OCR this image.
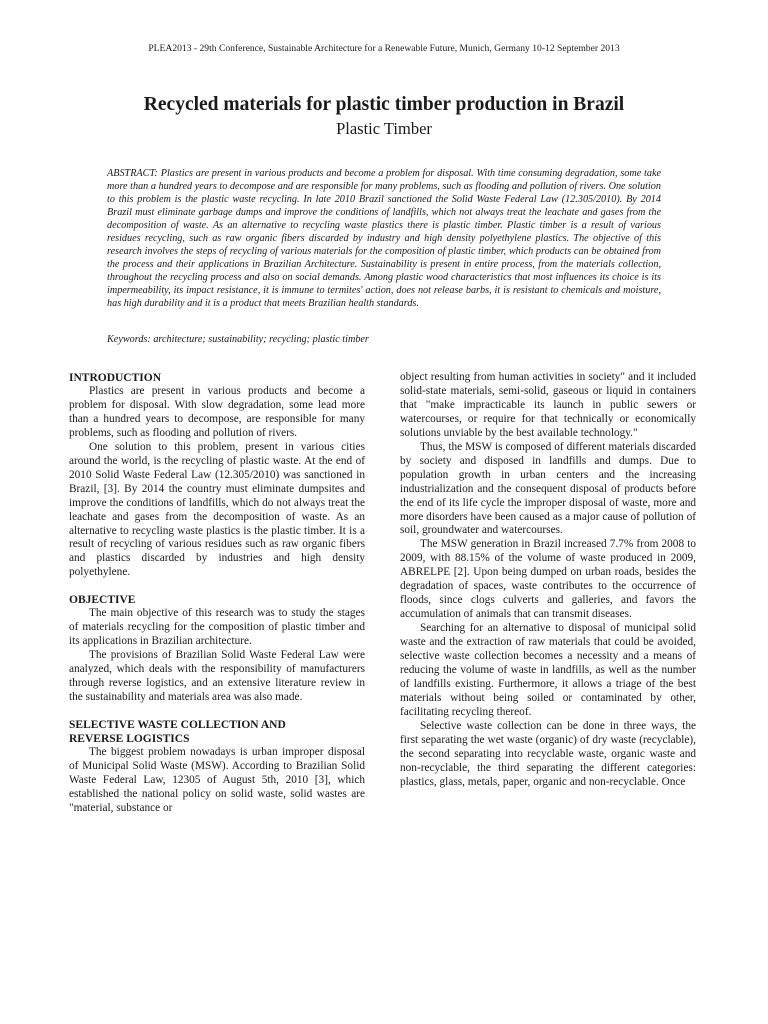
PLEA2013 - 29th Conference, Sustainable Architecture for a Renewable Future, Munich, Germany 10-12 September 2013
Recycled materials for plastic timber production in Brazil
Plastic Timber
ABSTRACT: Plastics are present in various products and become a problem for disposal. With time consuming degradation, some take more than a hundred years to decompose and are responsible for many problems, such as flooding and pollution of rivers. One solution to this problem is the plastic waste recycling. In late 2010 Brazil sanctioned the Solid Waste Federal Law (12.305/2010). By 2014 Brazil must eliminate garbage dumps and improve the conditions of landfills, which not always treat the leachate and gases from the decomposition of waste. As an alternative to recycling waste plastics there is plastic timber. Plastic timber is a result of various residues recycling, such as raw organic fibers discarded by industry and high density polyethylene plastics. The objective of this research involves the steps of recycling of various materials for the composition of plastic timber, which products can be obtained from the process and their applications in Brazilian Architecture. Sustainability is present in entire process, from the materials collection, throughout the recycling process and also on social demands. Among plastic wood characteristics that most influences its choice is its impermeability, its impact resistance, it is immune to termites' action, does not release barbs, it is resistant to chemicals and moisture, has high durability and it is a product that meets Brazilian health standards.
Keywords: architecture; sustainability; recycling; plastic timber
INTRODUCTION

Plastics are present in various products and become a problem for disposal. With slow degradation, some lead more than a hundred years to decompose, are responsible for many problems, such as flooding and pollution of rivers.

One solution to this problem, present in various cities around the world, is the recycling of plastic waste. At the end of 2010 Solid Waste Federal Law (12.305/2010) was sanctioned in Brazil, [3]. By 2014 the country must eliminate dumpsites and improve the conditions of landfills, which do not always treat the leachate and gases from the decomposition of waste. As an alternative to recycling waste plastics is the plastic timber. It is a result of recycling of various residues such as raw organic fibers and plastics discarded by industries and high density polyethylene.

OBJECTIVE

The main objective of this research was to study the stages of materials recycling for the composition of plastic timber and its applications in Brazilian architecture.

The provisions of Brazilian Solid Waste Federal Law were analyzed, which deals with the responsibility of manufacturers through reverse logistics, and an extensive literature review in the sustainability and materials area was also made.

SELECTIVE WASTE COLLECTION AND
REVERSE LOGISTICS

The biggest problem nowadays is urban improper disposal of Municipal Solid Waste (MSW). According to Brazilian Solid Waste Federal Law, 12305 of August 5th, 2010 [3], which established the national policy on solid waste, solid wastes are "material, substance or

object resulting from human activities in society" and it included solid-state materials, semi-solid, gaseous or liquid in containers that "make impracticable its launch in public sewers or watercourses, or require for that technically or economically solutions unviable by the best available technology."

Thus, the MSW is composed of different materials discarded by society and disposed in landfills and dumps. Due to population growth in urban centers and the increasing industrialization and the consequent disposal of products before the end of its life cycle the improper disposal of waste, more and more disorders have been caused as a major cause of pollution of soil, groundwater and watercourses.

The MSW generation in Brazil increased 7.7% from 2008 to 2009, with 88.15% of the volume of waste produced in 2009, ABRELPE [2]. Upon being dumped on urban roads, besides the degradation of spaces, waste contributes to the occurrence of floods, since clogs culverts and galleries, and favors the accumulation of animals that can transmit diseases.

Searching for an alternative to disposal of municipal solid waste and the extraction of raw materials that could be avoided, selective waste collection becomes a necessity and a means of reducing the volume of waste in landfills, as well as the number of landfills existing. Furthermore, it allows a triage of the best materials without being soiled or contaminated by other, facilitating recycling thereof.

Selective waste collection can be done in three ways, the first separating the wet waste (organic) of dry waste (recyclable), the second separating into recyclable waste, organic waste and non-recyclable, the third separating the different categories: plastics, glass, metals, paper, organic and non-recyclable. Once
